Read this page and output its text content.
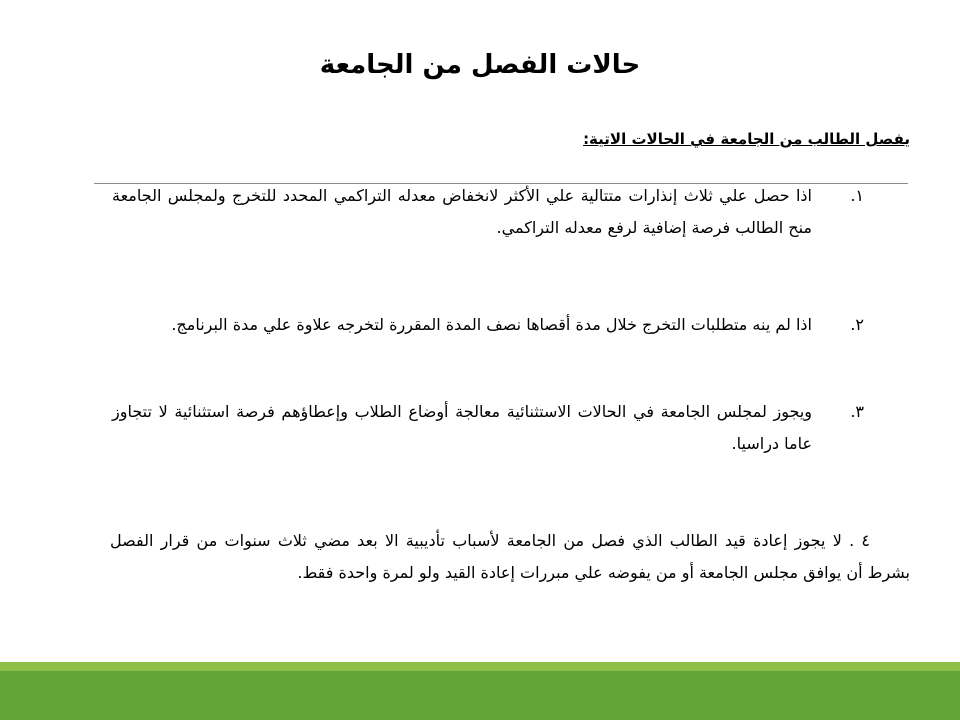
حالات الفصل من الجامعة
يفصل الطالب من الجامعة في الحالات الاتية:
١.
اذا حصل علي ثلاث إنذارات متتالية علي الأكثر لانخفاض معدله التراكمي المحدد للتخرج ولمجلس الجامعة منح الطالب فرصة إضافية لرفع معدله التراكمي.
٢.
اذا لم ينه متطلبات التخرج خلال مدة أقصاها نصف المدة المقررة لتخرجه علاوة علي مدة البرنامج.
٣.
ويجوز لمجلس الجامعة في الحالات الاستثنائية معالجة أوضاع الطلاب وإعطاؤهم فرصة استثنائية لا تتجاوز عاما دراسيا.
٤ . لا يجوز إعادة قيد الطالب الذي فصل من الجامعة لأسباب تأديبية الا بعد مضي ثلاث سنوات من قرار الفصل بشرط أن يوافق مجلس الجامعة أو من يفوضه علي مبررات إعادة القيد ولو لمرة واحدة فقط.
